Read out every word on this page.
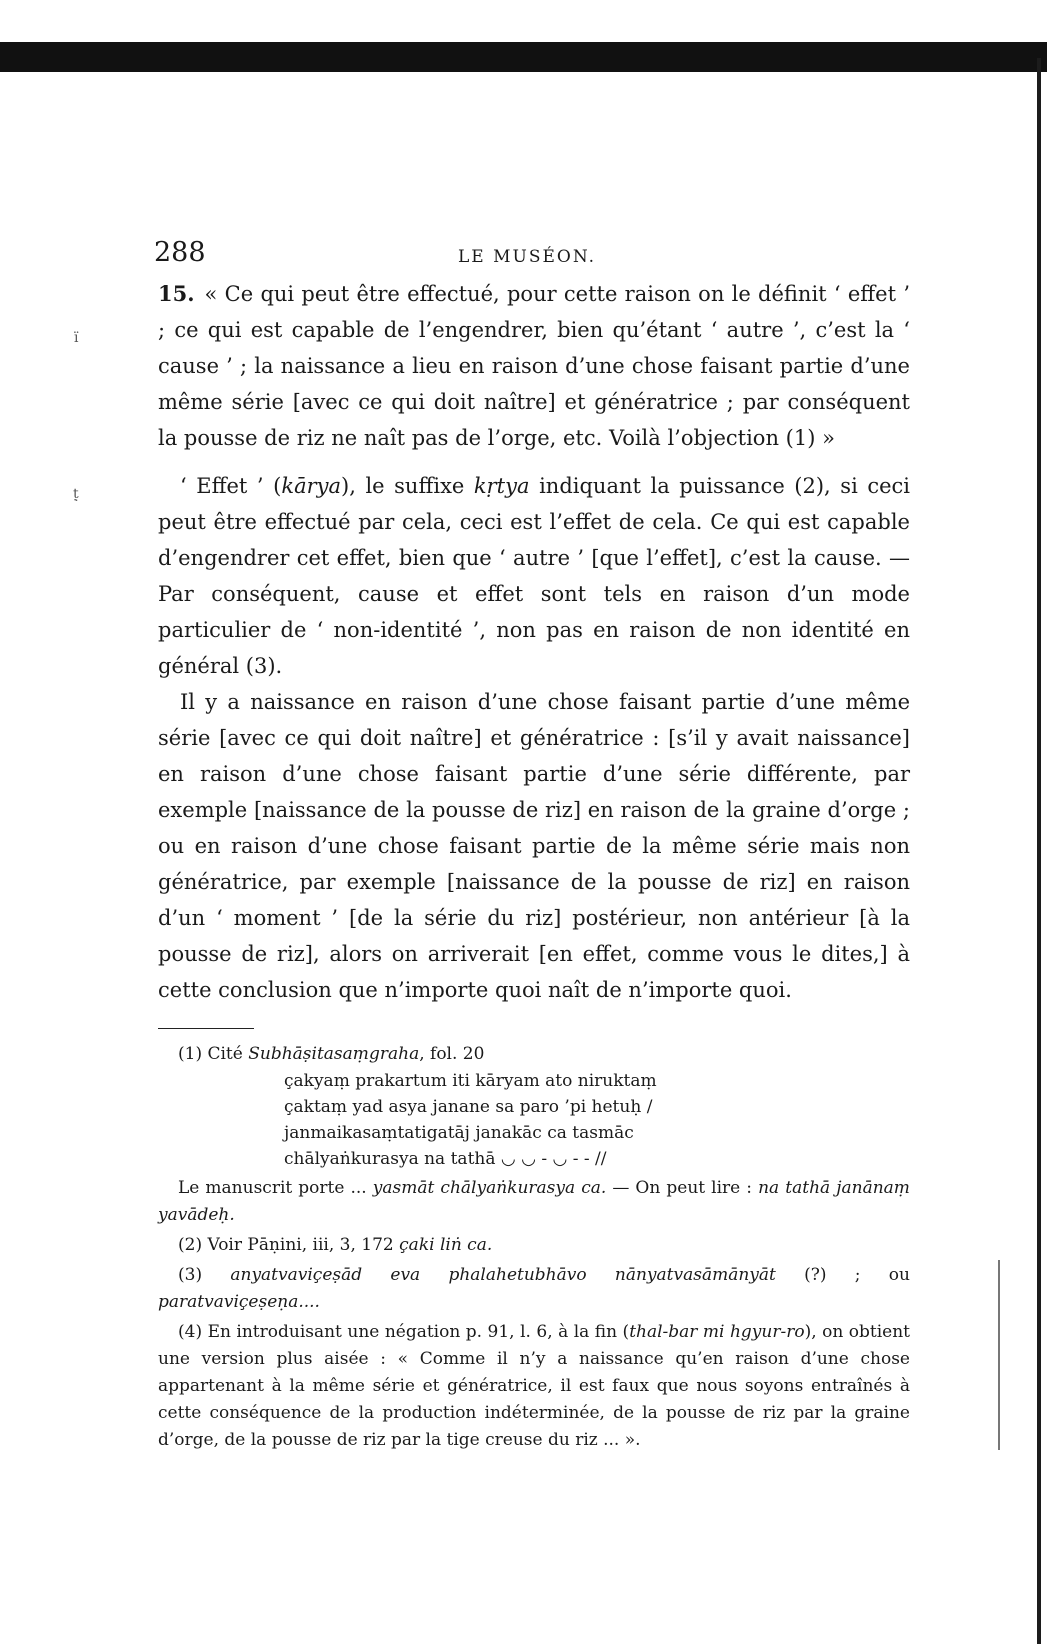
ï
ṭ̣
288	LE MUSÉON.

15. « Ce qui peut être effectué, pour cette raison on le définit ‘ effet ’ ; ce qui est capable de l’engendrer, bien qu’étant ‘ autre ’, c’est la ‘ cause ’ ; la naissance a lieu en raison d’une chose faisant partie d’une même série [avec ce qui doit naître] et génératrice ; par conséquent la pousse de riz ne naît pas de l’orge, etc. Voilà l’objection (1) »

‘ Effet ’ (kārya), le suffixe kṛtya indiquant la puissance (2), si ceci peut être effectué par cela, ceci est l’effet de cela. Ce qui est capable d’engendrer cet effet, bien que ‘ autre ’ [que l’effet], c’est la cause. — Par conséquent, cause et effet sont tels en raison d’un mode particulier de ‘ non-identité ’, non pas en raison de non identité en général (3).

Il y a naissance en raison d’une chose faisant partie d’une même série [avec ce qui doit naître] et génératrice : [s’il y avait naissance] en raison d’une chose faisant partie d’une série différente, par exemple [naissance de la pousse de riz] en raison de la graine d’orge ; ou en raison d’une chose faisant partie de la même série mais non génératrice, par exemple [naissance de la pousse de riz] en raison d’un ‘ moment ’ [de la série du riz] postérieur, non antérieur [à la pousse de riz], alors on arriverait [en effet, comme vous le dites,] à cette conclusion que n’importe quoi naît de n’importe quoi.

(1) Cité Subhāṣitasaṃgraha, fol. 20

çakyaṃ prakartum iti kāryam ato niruktaṃ
çaktaṃ yad asya janane sa paro ’pi hetuḥ /
janmaikasaṃtatigatāj janakāc ca tasmāc
chālyaṅkurasya na tathā ◡ ◡ - ◡ - - //

Le manuscrit porte ... yasmāt chālyaṅkurasya ca. — On peut lire : na tathā janānaṃ yavādeḥ.

(2) Voir Pāṇini, iii, 3, 172 çaki liṅ ca.

(3) anyatvaviçeṣād eva phalahetubhāvo nānyatvasāmānyāt (?) ; ou paratvaviçeṣeṇa....

(4) En introduisant une négation p. 91, l. 6, à la fin (thal-bar mi hgyur-ro), on obtient une version plus aisée : « Comme il n’y a naissance qu’en raison d’une chose appartenant à la même série et génératrice, il est faux que nous soyons entraînés à cette conséquence de la production indéterminée, de la pousse de riz par la graine d’orge, de la pousse de riz par la tige creuse du riz ... ».
